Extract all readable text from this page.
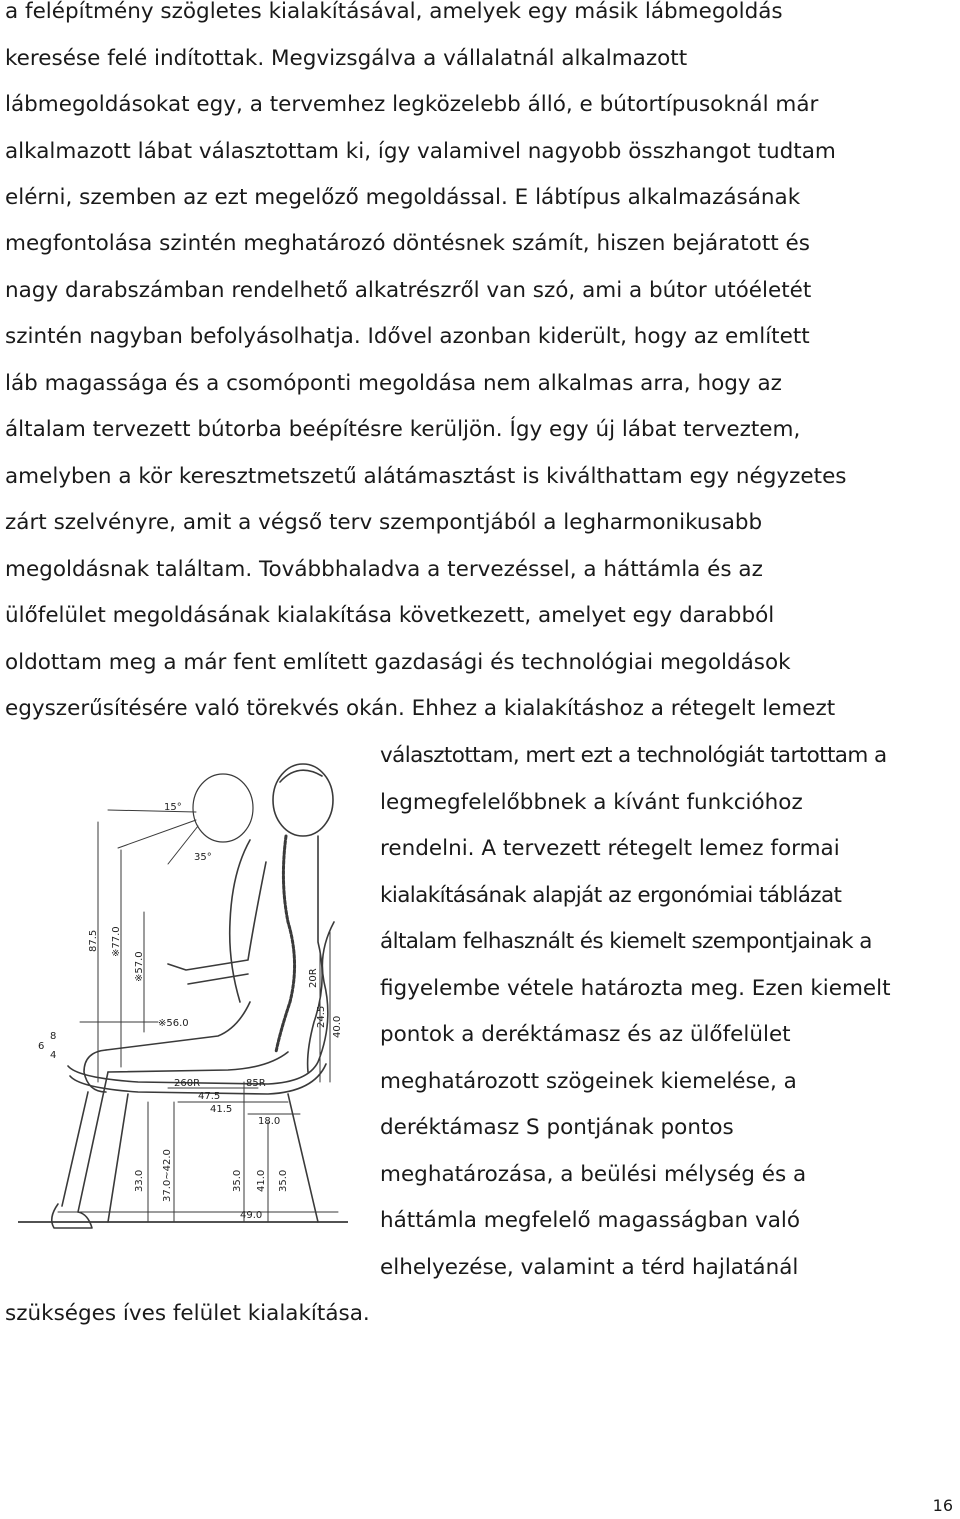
a felépítmény szögletes kialakításával, amelyek egy másik lábmegoldás
keresése felé indítottak. Megvizsgálva a vállalatnál alkalmazott
lábmegoldásokat egy, a tervemhez legközelebb álló, e bútortípusoknál már
alkalmazott lábat választottam ki, így valamivel nagyobb összhangot tudtam
elérni, szemben az ezt megelőző megoldással. E lábtípus alkalmazásának
megfontolása szintén meghatározó döntésnek számít, hiszen bejáratott és
nagy darabszámban rendelhető alkatrészről van szó, ami a bútor utóéletét
szintén nagyban befolyásolhatja. Idővel azonban kiderült, hogy az említett
láb magassága és a csomóponti megoldása nem alkalmas arra, hogy az
általam tervezett bútorba beépítésre kerüljön. Így egy új lábat terveztem,
amelyben a kör keresztmetszetű alátámasztást is kiválthattam egy négyzetes
zárt szelvényre, amit a végső terv szempontjából a legharmonikusabb
megoldásnak találtam. Továbbhaladva a tervezéssel, a háttámla és az
ülőfelület megoldásának kialakítása következett, amelyet egy darabból
oldottam meg a már fent említett gazdasági és technológiai megoldások
egyszerűsítésére való törekvés okán. Ehhez a kialakításhoz a rétegelt lemezt
választottam, mert ezt a technológiát tartottam a
legmegfelelőbbnek a kívánt funkcióhoz
rendelni. A tervezett rétegelt lemez formai
kialakításának alapját az ergonómiai táblázat
általam felhasznált és kiemelt szempontjainak a
figyelembe vétele határozta meg. Ezen kiemelt
pontok a deréktámasz és az ülőfelület
meghatározott szögeinek kiemelése, a
deréktámasz S pontjának pontos
meghatározása, a beülési mélység és a
háttámla megfelelő magasságban való
elhelyezése, valamint a térd hajlatánál
szükséges íves felület kialakítása.
15°
35°
87.5 ※77.0
※57.0
※56.0
8
6
4
260R	85R
47.5
41.5
18.0
33.0 37.0~42.0	35.0 41.0 35.0
20R
24.5 40.0
49.0
16
